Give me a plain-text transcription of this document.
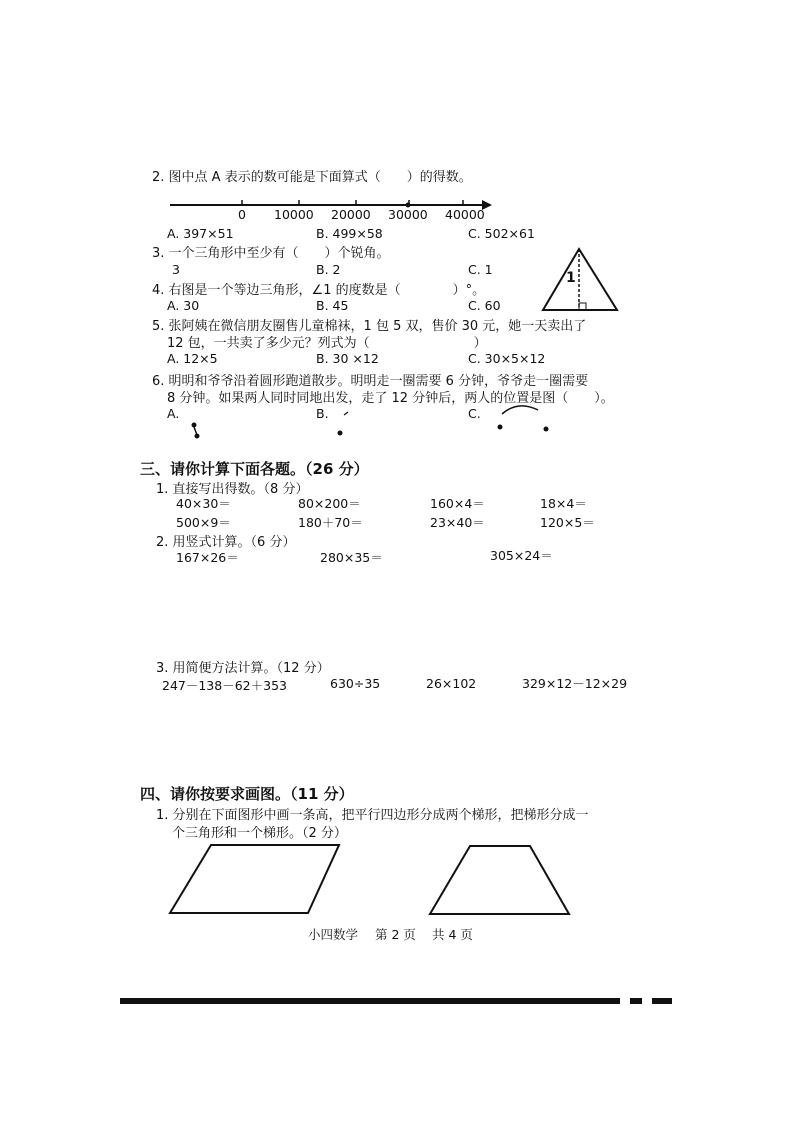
2. 图中点 A 表示的数可能是下面算式（　　）的得数。
0 10000 20000 30000 40000
A. 397×51	B. 499×58	C. 502×61
3. 一个三角形中至少有（　　）个锐角。
3	B. 2	C. 1
4. 右图是一个等边三角形，∠1 的度数是（　　　　）°。
A. 30	B. 45	C. 60
1
5. 张阿姨在微信朋友圈售儿童棉袜，1 包 5 双，售价 30 元，她一天卖出了
12 包，一共卖了多少元？列式为（　　　　　　　　）
A. 12×5	B. 30 ×12	C. 30×5×12
6. 明明和爷爷沿着圆形跑道散步。明明走一圈需要 6 分钟，爷爷走一圈需要
8 分钟。如果两人同时同地出发，走了 12 分钟后，两人的位置是图（　　）。
A.	B.	C.
三、请你计算下面各题。（26 分）
1. 直接写出得数。（8 分）
40×30＝	80×200＝	160×4＝	18×4＝
500×9＝	180＋70＝	23×40＝	120×5＝
2. 用竖式计算。（6 分）
167×26＝	280×35＝	305×24＝
3. 用简便方法计算。（12 分）
247－138－62＋353	630÷35	26×102	329×12－12×29
四、请你按要求画图。（11 分）
1. 分别在下面图形中画一条高，把平行四边形分成两个梯形，把梯形分成一
个三角形和一个梯形。（2 分）
小四数学 第 2 页 共 4 页
